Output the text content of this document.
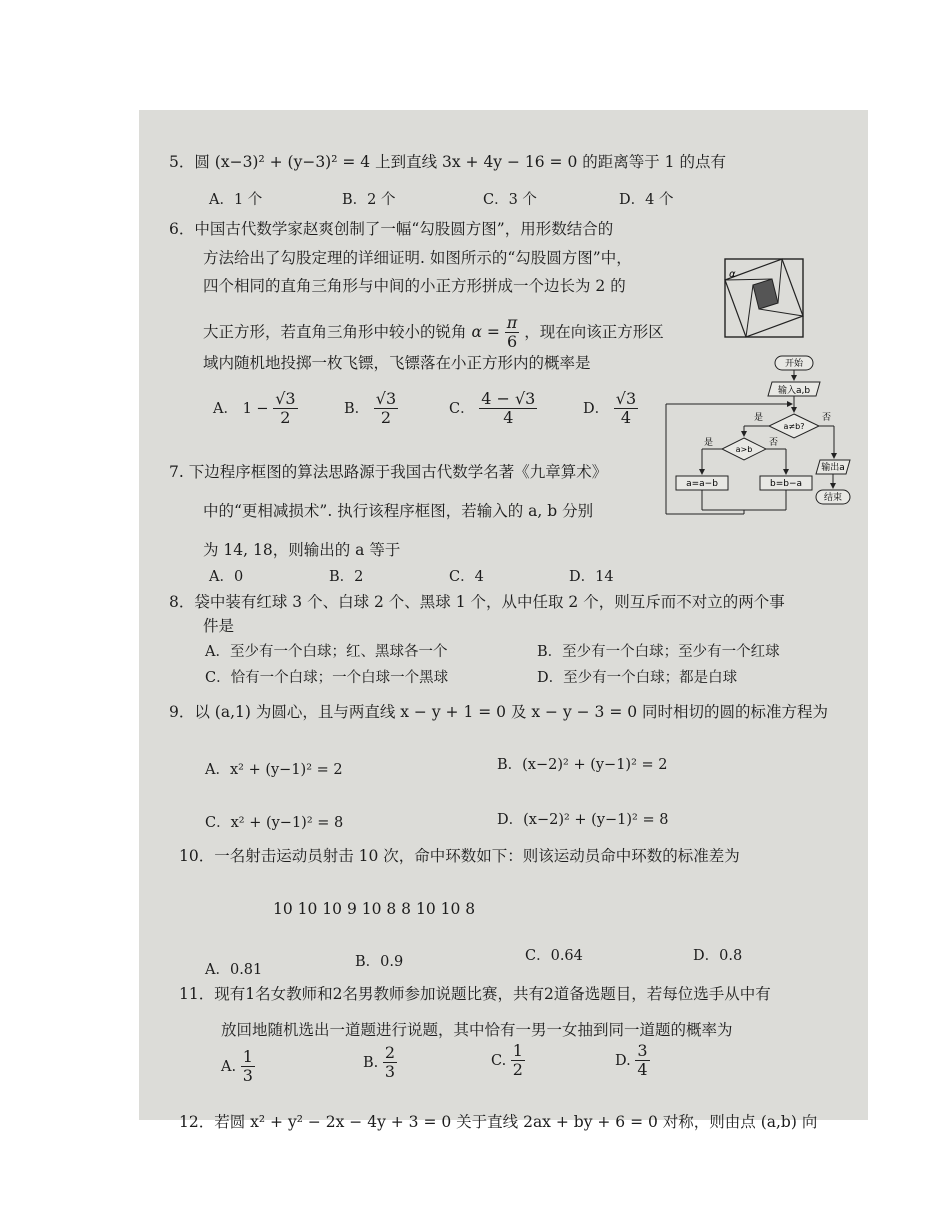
5．圆 (x−3)² + (y−3)² = 4 上到直线 3x + 4y − 16 = 0 的距离等于 1 的点有
A．1 个	B．2 个	C．3 个	D．4 个
6．中国古代数学家赵爽创制了一幅“勾股圆方图”，用形数结合的
方法给出了勾股定理的详细证明. 如图所示的“勾股圆方图”中，
四个相同的直角三角形与中间的小正方形拼成一个边长为 2 的
大正方形，若直角三角形中较小的锐角 $\alpha = \frac{\pi}{6}$ ，现在向该正方形区
域内随机地投掷一枚飞镖，飞镖落在小正方形内的概率是
A． $1 - \frac{√3}{2}$	B． $\frac{√3}{2}$	C． $\frac{4 - √3}{4}$	D． $\frac{√3}{4}$
α
开始
输入a,b
a≠b?
是	否
输出a
结束
a>b
是	否
a=a−b	b=b−a
7. 下边程序框图的算法思路源于我国古代数学名著《九章算术》
中的“更相减损术”. 执行该程序框图，若输入的 a, b 分别
为 14, 18，则输出的 a 等于
A．0	B．2	C．4	D．14
8．袋中装有红球 3 个、白球 2 个、黑球 1 个，从中任取 2 个，则互斥而不对立的两个事
件是
A．至少有一个白球；红、黑球各一个	B．至少有一个白球；至少有一个红球
C．恰有一个白球；一个白球一个黑球	D．至少有一个白球；都是白球
9．以 (a,1) 为圆心，且与两直线 x − y + 1 = 0 及 x − y − 3 = 0 同时相切的圆的标准方程为
A．x² + (y−1)² = 2	B．(x−2)² + (y−1)² = 2
C．x² + (y−1)² = 8	D．(x−2)² + (y−1)² = 8
10．一名射击运动员射击 10 次，命中环数如下：则该运动员命中环数的标准差为
10 10 10 9 10 8 8 10 10 8
A．0.81	B．0.9	C．0.64	D．0.8
11．现有1名女教师和2名男教师参加说题比赛，共有2道备选题目，若每位选手从中有
放回地随机选出一道题进行说题，其中恰有一男一女抽到同一道题的概率为
A. $\frac{1}{3}$	B. $\frac{2}{3}$	C. $\frac{1}{2}$	D. $\frac{3}{4}$
12．若圆 x² + y² − 2x − 4y + 3 = 0 关于直线 2ax + by + 6 = 0 对称，则由点 (a,b) 向
